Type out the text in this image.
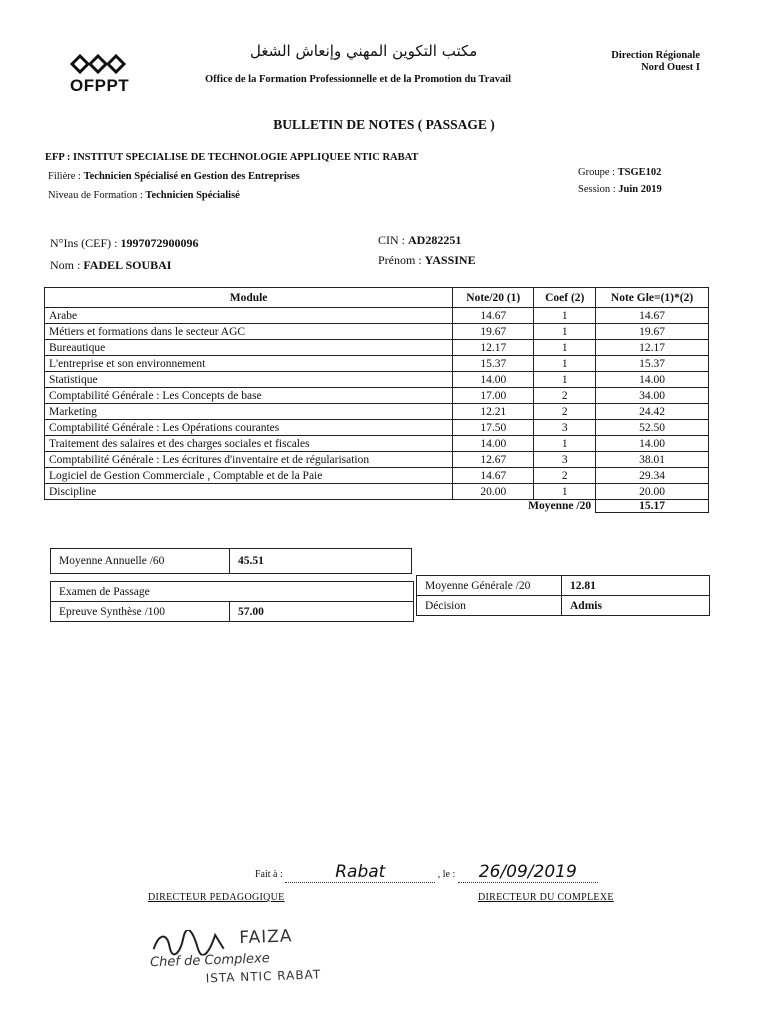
OFPPT
مكتب التكوين المهني وإنعاش الشغل
Office de la Formation Professionnelle et de la Promotion du Travail
Direction Régionale
Nord Ouest I
BULLETIN DE NOTES ( PASSAGE )
EFP : INSTITUT SPECIALISE DE TECHNOLOGIE APPLIQUEE NTIC RABAT
Filière : Technicien Spécialisé en Gestion des Entreprises
Niveau de Formation : Technicien Spécialisé
Groupe : TSGE102
Session : Juin 2019
N°Ins (CEF) : 1997072900096
Nom : FADEL SOUBAI
CIN : AD282251
Prénom : YASSINE
Module	Note/20 (1)	Coef (2)	Note Gle=(1)*(2)
Arabe	14.67	1	14.67
Métiers et formations dans le secteur AGC	19.67	1	19.67
Bureautique	12.17	1	12.17
L'entreprise et son environnement	15.37	1	15.37
Statistique	14.00	1	14.00
Comptabilité Générale : Les Concepts de base	17.00	2	34.00
Marketing	12.21	2	24.42
Comptabilité Générale : Les Opérations courantes	17.50	3	52.50
Traitement des salaires et des charges sociales et fiscales	14.00	1	14.00
Comptabilité Générale : Les écritures d'inventaire et de régularisation	12.67	3	38.01
Logiciel de Gestion Commerciale , Comptable et de la Paie	14.67	2	29.34
Discipline	20.00	1	20.00
Moyenne /20			15.17
Moyenne Annuelle /60	45.51
Examen de Passage
Epreuve Synthèse /100	57.00
Moyenne Générale /20	12.81
Décision	Admis
Fait à :	Rabat	, le : 26/09/2019
DIRECTEUR PEDAGOGIQUE	DIRECTEUR DU COMPLEXE
FAIZA
Chef de Complexe
ISTA NTIC RABAT
